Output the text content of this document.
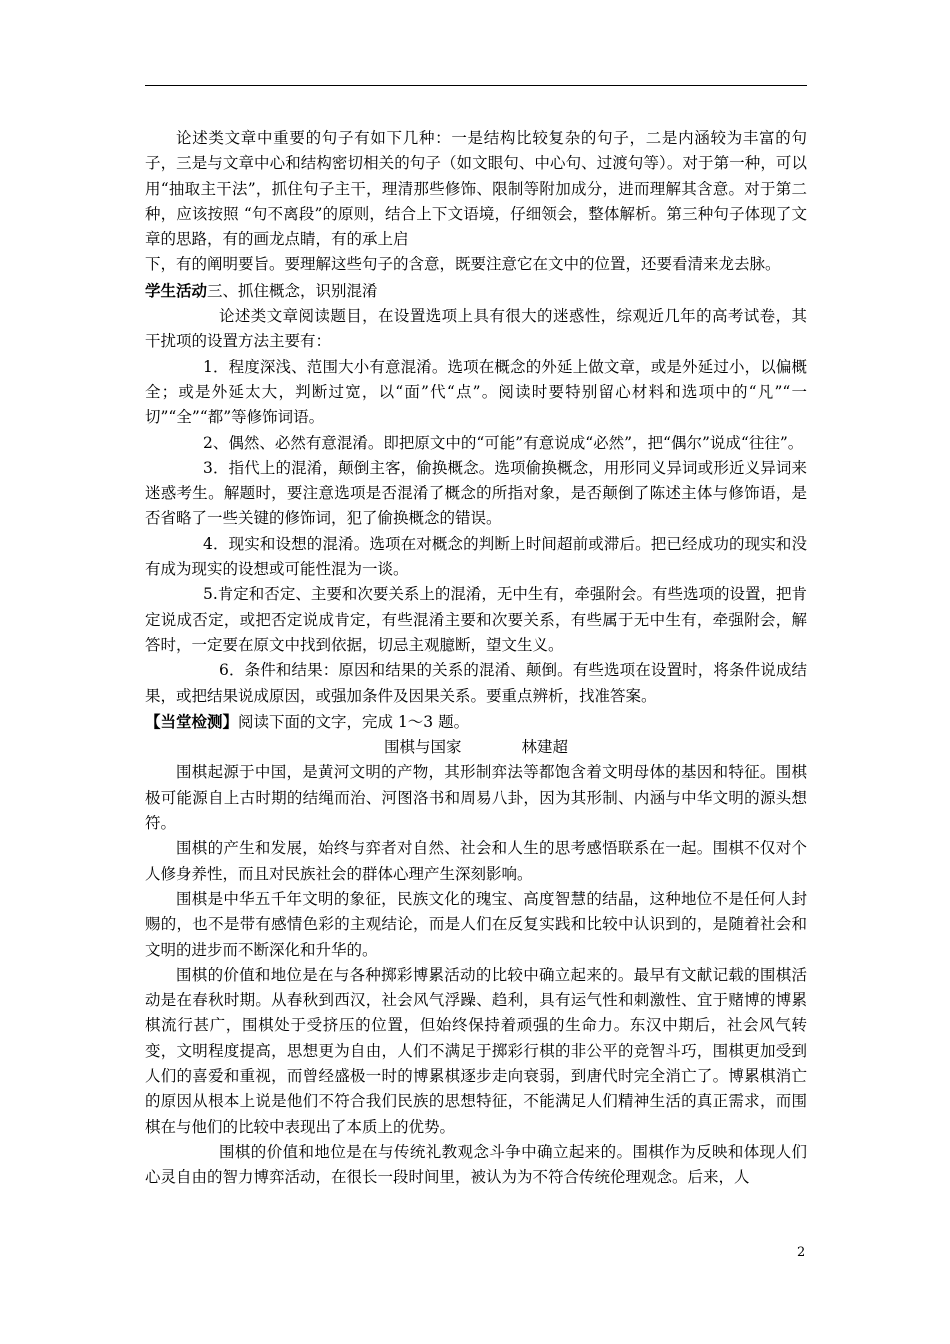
论述类文章中重要的句子有如下几种：一是结构比较复杂的句子，二是内涵较为丰富的句子，三是与文章中心和结构密切相关的句子（如文眼句、中心句、过渡句等）。对于第一种，可以用“抽取主干法”，抓住句子主干，理清那些修饰、限制等附加成分，进而理解其含意。对于第二种，应该按照 “句不离段”的原则，结合上下文语境，仔细领会，整体解析。第三种句子体现了文章的思路，有的画龙点睛，有的承上启

下，有的阐明要旨。要理解这些句子的含意，既要注意它在文中的位置，还要看清来龙去脉。

学生活动三、抓住概念，识别混淆

论述类文章阅读题目，在设置选项上具有很大的迷惑性，综观近几年的高考试卷，其干扰项的设置方法主要有：

1．程度深浅、范围大小有意混淆。选项在概念的外延上做文章，或是外延过小，以偏概全；或是外延太大，判断过宽，以“面”代“点”。阅读时要特别留心材料和选项中的“凡”“一切”“全”“都”等修饰词语。

2、偶然、必然有意混淆。即把原文中的“可能”有意说成“必然”，把“偶尔”说成“往往”。

3．指代上的混淆，颠倒主客，偷换概念。选项偷换概念，用形同义异词或形近义异词来迷惑考生。解题时，要注意选项是否混淆了概念的所指对象，是否颠倒了陈述主体与修饰语，是否省略了一些关键的修饰词，犯了偷换概念的错误。

4．现实和设想的混淆。选项在对概念的判断上时间超前或滞后。把已经成功的现实和没有成为现实的设想或可能性混为一谈。

5.肯定和否定、主要和次要关系上的混淆，无中生有，牵强附会。有些选项的设置，把肯定说成否定，或把否定说成肯定，有些混淆主要和次要关系，有些属于无中生有，牵强附会，解答时，一定要在原文中找到依据，切忌主观臆断，望文生义。

6．条件和结果：原因和结果的关系的混淆、颠倒。有些选项在设置时，将条件说成结果，或把结果说成原因，或强加条件及因果关系。要重点辨析，找准答案。

【当堂检测】阅读下面的文字，完成 1～3 题。

围棋与国家	林建超

围棋起源于中国，是黄河文明的产物，其形制弈法等都饱含着文明母体的基因和特征。围棋极可能源自上古时期的结绳而治、河图洛书和周易八卦，因为其形制、内涵与中华文明的源头想符。

围棋的产生和发展，始终与弈者对自然、社会和人生的思考感悟联系在一起。围棋不仅对个人修身养性，而且对民族社会的群体心理产生深刻影响。

围棋是中华五千年文明的象征，民族文化的瑰宝、高度智慧的结晶，这种地位不是任何人封赐的，也不是带有感情色彩的主观结论，而是人们在反复实践和比较中认识到的，是随着社会和文明的进步而不断深化和升华的。

围棋的价值和地位是在与各种掷彩博累活动的比较中确立起来的。最早有文献记载的围棋活动是在春秋时期。从春秋到西汉，社会风气浮躁、趋利，具有运气性和刺激性、宜于赌博的博累棋流行甚广，围棋处于受挤压的位置，但始终保持着顽强的生命力。东汉中期后，社会风气转变，文明程度提高，思想更为自由，人们不满足于掷彩行棋的非公平的竞智斗巧，围棋更加受到人们的喜爱和重视，而曾经盛极一时的博累棋逐步走向衰弱，到唐代时完全消亡了。博累棋消亡的原因从根本上说是他们不符合我们民族的思想特征，不能满足人们精神生活的真正需求，而围棋在与他们的比较中表现出了本质上的优势。

围棋的价值和地位是在与传统礼教观念斗争中确立起来的。围棋作为反映和体现人们心灵自由的智力博弈活动，在很长一段时间里，被认为为不符合传统伦理观念。后来，人

2
